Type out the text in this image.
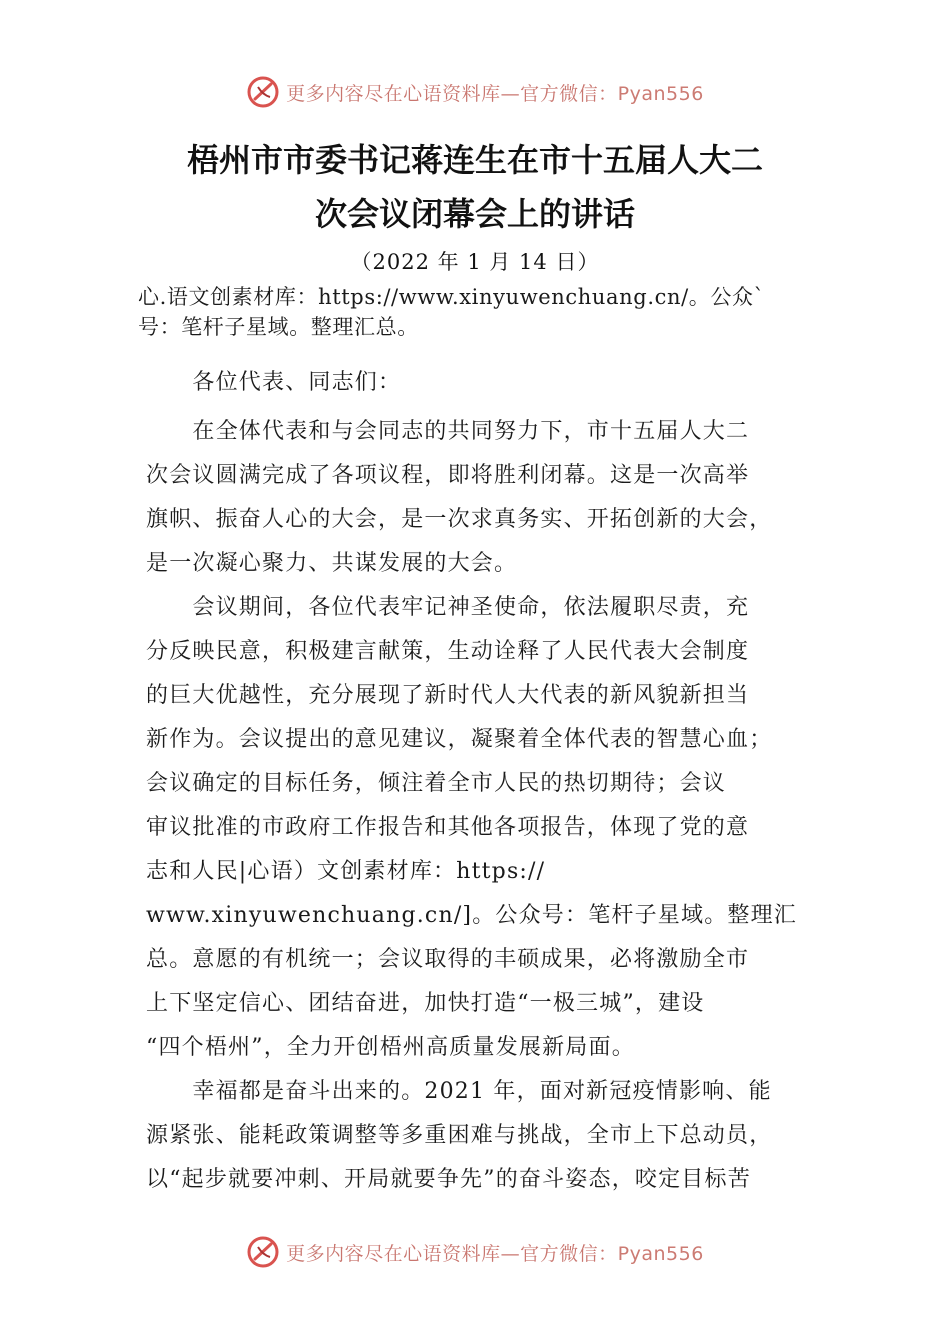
更多内容尽在心语资料库—官方微信：Pyan556
梧州市市委书记蒋连生在市十五届人大二
次会议闭幕会上的讲话
（2022 年 1 月 14 日）
心.语文创素材库：https://www.xinyuwenchuang.cn/。公众`
号：笔杆子星域。整理汇总。
　　各位代表、同志们：
　　在全体代表和与会同志的共同努力下，市十五届人大二
次会议圆满完成了各项议程，即将胜利闭幕。这是一次高举
旗帜、振奋人心的大会，是一次求真务实、开拓创新的大会，
是一次凝心聚力、共谋发展的大会。
　　会议期间，各位代表牢记神圣使命，依法履职尽责，充
分反映民意，积极建言献策，生动诠释了人民代表大会制度
的巨大优越性，充分展现了新时代人大代表的新风貌新担当
新作为。会议提出的意见建议，凝聚着全体代表的智慧心血；
会议确定的目标任务，倾注着全市人民的热切期待；会议
审议批准的市政府工作报告和其他各项报告，体现了党的意
志和人民|心语）文创素材库：https://
www.xinyuwenchuang.cn/]。公众号：笔杆子星域。整理汇
总。意愿的有机统一；会议取得的丰硕成果，必将激励全市
上下坚定信心、团结奋进，加快打造“一极三城”，建设
“四个梧州”，全力开创梧州高质量发展新局面。
　　幸福都是奋斗出来的。2021 年，面对新冠疫情影响、能
源紧张、能耗政策调整等多重困难与挑战，全市上下总动员，
以“起步就要冲刺、开局就要争先”的奋斗姿态，咬定目标苦
更多内容尽在心语资料库—官方微信：Pyan556
